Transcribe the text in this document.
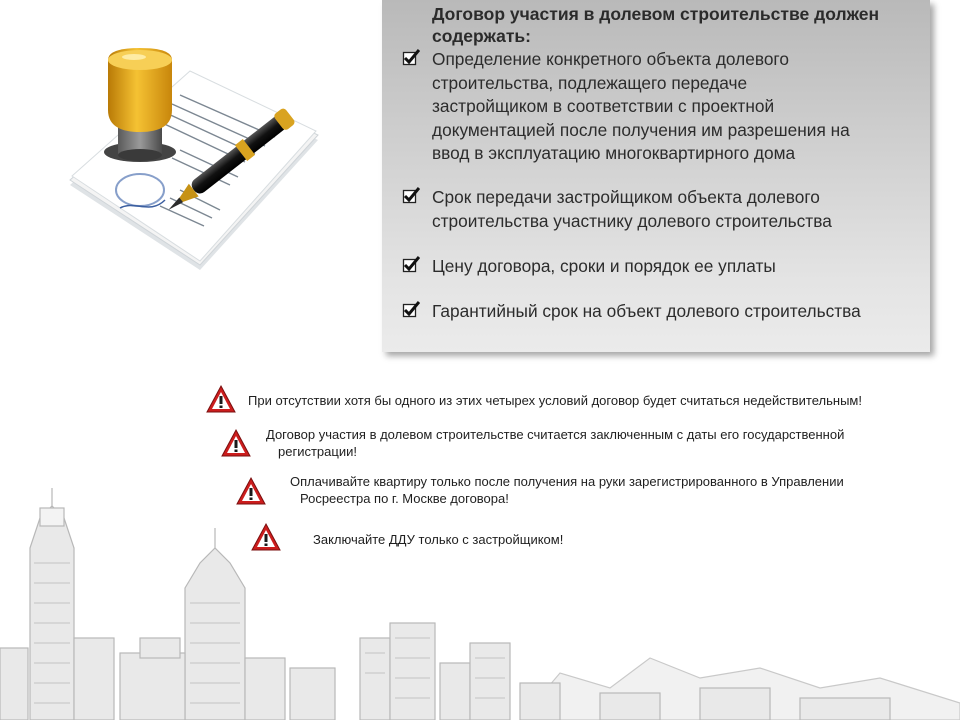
Договор участия в долевом строительстве должен содержать:

Определение конкретного объекта долевого
строительства, подлежащего передаче
застройщиком в соответствии с проектной
документацией после получения им разрешения на
ввод в эксплуатацию многоквартирного дома
Срок передачи застройщиком объекта долевого
строительства участнику долевого строительства
Цену договора, сроки и порядок ее уплаты
Гарантийный срок на объект долевого строительства
При отсутствии хотя бы одного из этих четырех условий договор будет считаться недействительным!
Договор участия в долевом строительстве считается заключенным с даты его государственной
регистрации!
Оплачивайте квартиру только после получения на руки зарегистрированного в Управлении
Росреестра по г. Москве договора!
Заключайте ДДУ только с застройщиком!
